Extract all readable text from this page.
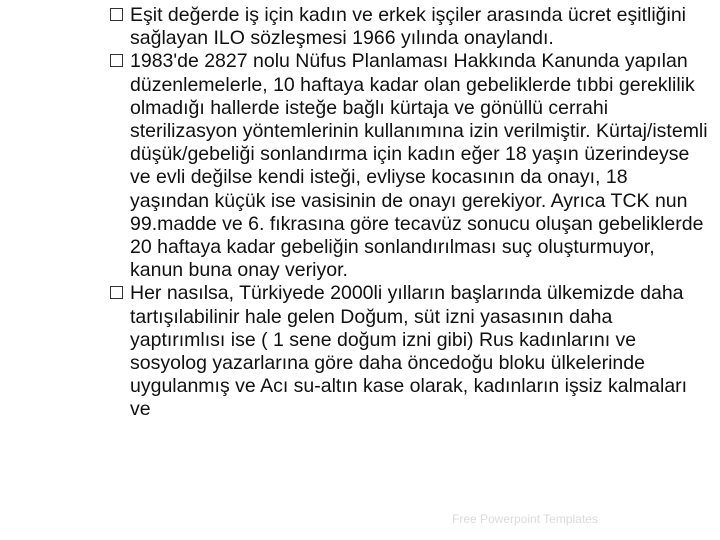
Eşit değerde iş için kadın ve erkek işçiler arasında ücret eşitliğini sağlayan ILO sözleşmesi 1966 yılında onaylandı.
1983'de 2827 nolu Nüfus Planlaması Hakkında Kanunda yapılan düzenlemelerle, 10 haftaya kadar olan gebeliklerde tıbbi gereklilik olmadığı hallerde isteğe bağlı kürtaja ve gönüllü cerrahi sterilizasyon yöntemlerinin kullanımına izin verilmiştir. Kürtaj/istemli düşük/gebeliği sonlandırma için kadın eğer 18 yaşın üzerindeyse ve evli değilse kendi isteği, evliyse kocasının da onayı, 18 yaşından küçük ise vasisinin de onayı gerekiyor. Ayrıca TCK nun 99.madde ve 6. fıkrasına göre tecavüz sonucu oluşan gebeliklerde 20 haftaya kadar gebeliğin sonlandırılması suç oluşturmuyor, kanun buna onay veriyor.
Her nasılsa, Türkiyede 2000li yılların başlarında ülkemizde daha tartışılabilinir hale gelen Doğum, süt izni yasasının daha yaptırımlısı ise ( 1 sene doğum izni gibi) Rus kadınlarını ve sosyolog yazarlarına göre daha öncedoğu bloku ülkelerinde uygulanmış ve Acı su-altın kase olarak, kadınların işsiz kalmaları ve
Free Powerpoint Templates
